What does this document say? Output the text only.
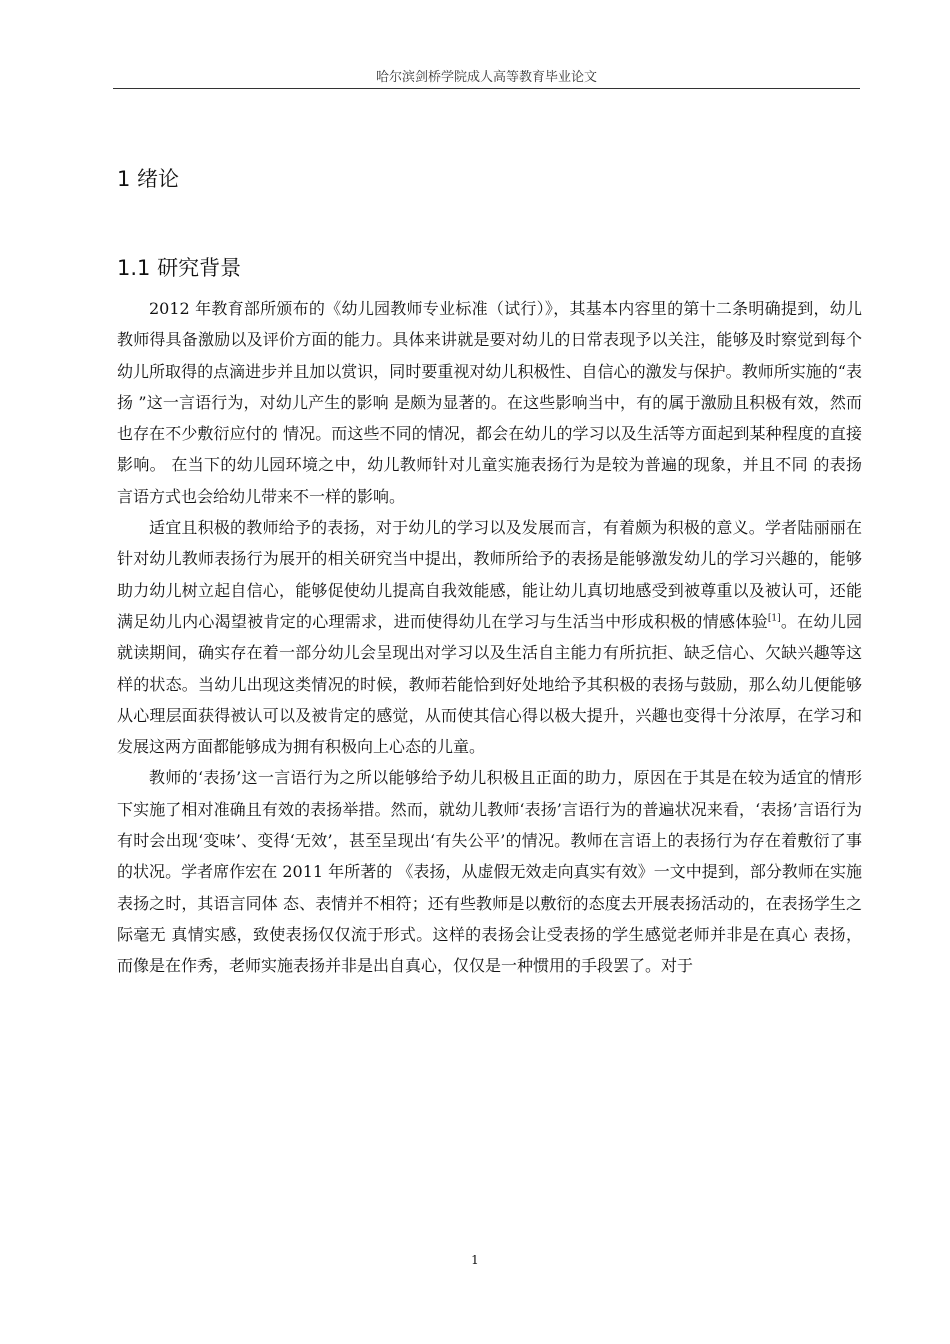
哈尔滨剑桥学院成人高等教育毕业论文
1 绪论
1.1 研究背景

2012 年教育部所颁布的《幼儿园教师专业标准（试行）》，其基本内容里的第十二条明确提到，幼儿教师得具备激励以及评价方面的能力。具体来讲就是要对幼儿的日常表现予以关注，能够及时察觉到每个幼儿所取得的点滴进步并且加以赏识，同时要重视对幼儿积极性、自信心的激发与保护。教师所实施的“表扬 ”这一言语行为，对幼儿产生的影响 是颇为显著的。在这些影响当中，有的属于激励且积极有效，然而也存在不少敷衍应付的 情况。而这些不同的情况，都会在幼儿的学习以及生活等方面起到某种程度的直接影响。 在当下的幼儿园环境之中，幼儿教师针对儿童实施表扬行为是较为普遍的现象，并且不同 的表扬言语方式也会给幼儿带来不一样的影响。

适宜且积极的教师给予的表扬，对于幼儿的学习以及发展而言，有着颇为积极的意义。学者陆丽丽在针对幼儿教师表扬行为展开的相关研究当中提出，教师所给予的表扬是能够激发幼儿的学习兴趣的，能够助力幼儿树立起自信心，能够促使幼儿提高自我效能感，能让幼儿真切地感受到被尊重以及被认可，还能满足幼儿内心渴望被肯定的心理需求，进而使得幼儿在学习与生活当中形成积极的情感体验[1]。在幼儿园就读期间，确实存在着一部分幼儿会呈现出对学习以及生活自主能力有所抗拒、缺乏信心、欠缺兴趣等这样的状态。当幼儿出现这类情况的时候，教师若能恰到好处地给予其积极的表扬与鼓励，那么幼儿便能够从心理层面获得被认可以及被肯定的感觉，从而使其信心得以极大提升，兴趣也变得十分浓厚，在学习和发展这两方面都能够成为拥有积极向上心态的儿童。

教师的‘表扬’这一言语行为之所以能够给予幼儿积极且正面的助力，原因在于其是在较为适宜的情形下实施了相对准确且有效的表扬举措。然而，就幼儿教师‘表扬’言语行为的普遍状况来看，‘表扬’言语行为有时会出现‘变味’、变得‘无效’，甚至呈现出‘有失公平’的情况。教师在言语上的表扬行为存在着敷衍了事的状况。学者席作宏在 2011 年所著的 《表扬，从虚假无效走向真实有效》一文中提到，部分教师在实施表扬之时，其语言同体 态、表情并不相符；还有些教师是以敷衍的态度去开展表扬活动的，在表扬学生之际毫无 真情实感，致使表扬仅仅流于形式。这样的表扬会让受表扬的学生感觉老师并非是在真心 表扬，而像是在作秀，老师实施表扬并非是出自真心，仅仅是一种惯用的手段罢了。对于

1
